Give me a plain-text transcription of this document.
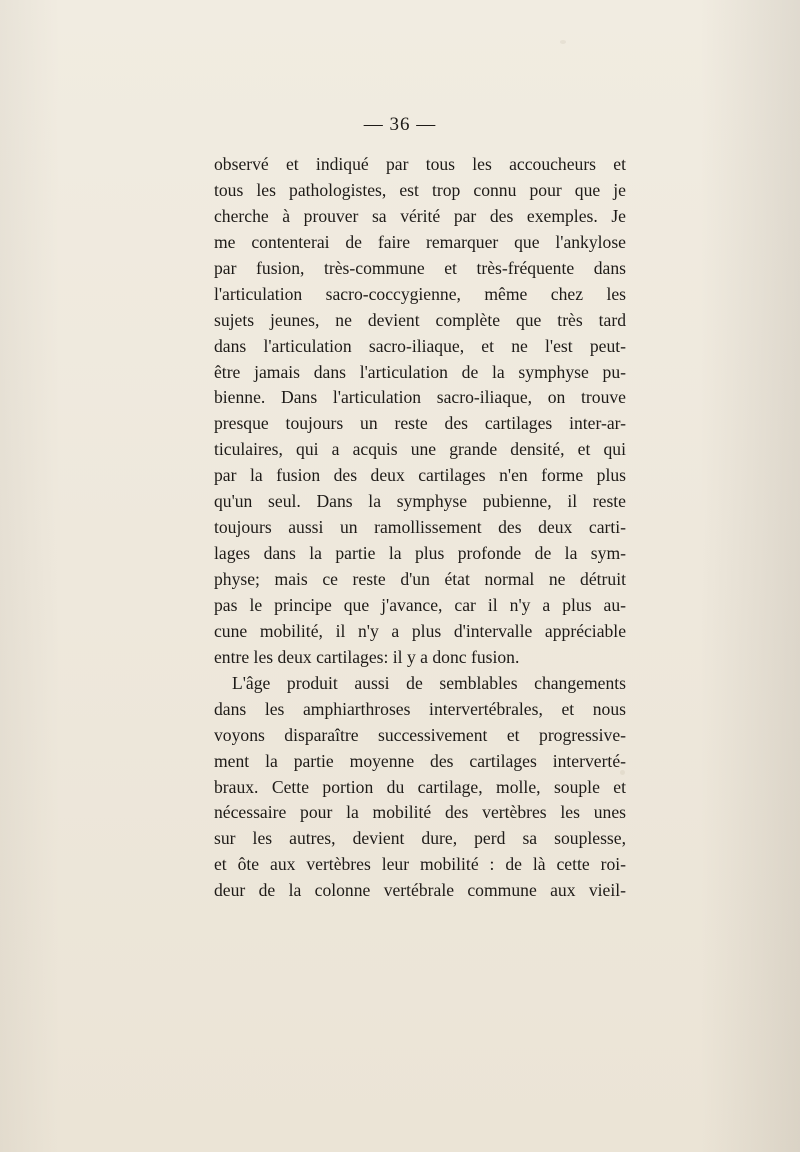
— 36 —
observé et indiqué par tous les accoucheurs et
tous les pathologistes, est trop connu pour que je
cherche à prouver sa vérité par des exemples. Je
me contenterai de faire remarquer que l'ankylose
par fusion, très-commune et très-fréquente dans
l'articulation sacro-coccygienne, même chez les
sujets jeunes, ne devient complète que très tard
dans l'articulation sacro-iliaque, et ne l'est peut-
être jamais dans l'articulation de la symphyse pu-
bienne. Dans l'articulation sacro-iliaque, on trouve
presque toujours un reste des cartilages inter-ar-
ticulaires, qui a acquis une grande densité, et qui
par la fusion des deux cartilages n'en forme plus
qu'un seul. Dans la symphyse pubienne, il reste
toujours aussi un ramollissement des deux carti-
lages dans la partie la plus profonde de la sym-
physe; mais ce reste d'un état normal ne détruit
pas le principe que j'avance, car il n'y a plus au-
cune mobilité, il n'y a plus d'intervalle appréciable
entre les deux cartilages: il y a donc fusion.
L'âge produit aussi de semblables changements
dans les amphiarthroses intervertébrales, et nous
voyons disparaître successivement et progressive-
ment la partie moyenne des cartilages interverté-
braux. Cette portion du cartilage, molle, souple et
nécessaire pour la mobilité des vertèbres les unes
sur les autres, devient dure, perd sa souplesse,
et ôte aux vertèbres leur mobilité : de là cette roi-
deur de la colonne vertébrale commune aux vieil-
